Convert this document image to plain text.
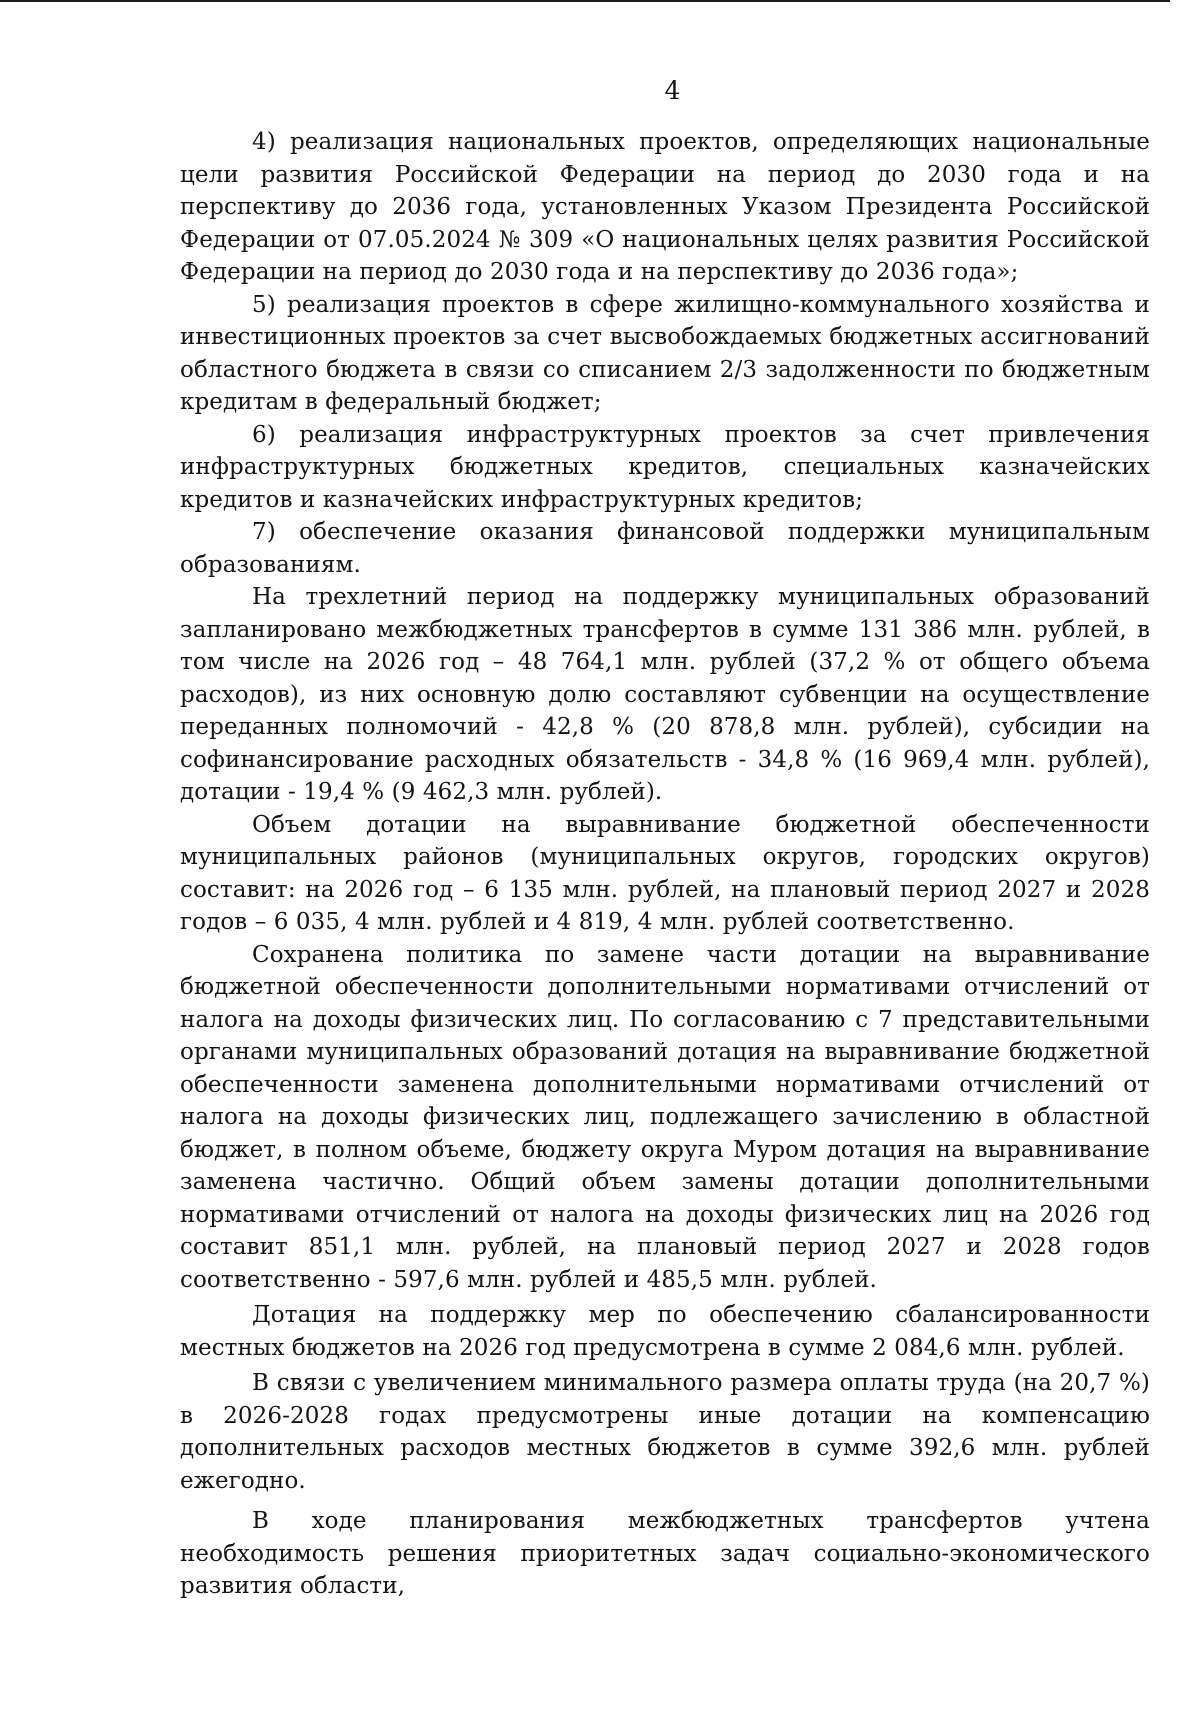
4

4) реализация национальных проектов, определяющих национальные цели развития Российской Федерации на период до 2030 года и на перспективу до 2036 года, установленных Указом Президента Российской Федерации от 07.05.2024 № 309 «О национальных целях развития Российской Федерации на период до 2030 года и на перспективу до 2036 года»;

5) реализация проектов в сфере жилищно-коммунального хозяйства и инвестиционных проектов за счет высвобождаемых бюджетных ассигнований областного бюджета в связи со списанием 2/3 задолженности по бюджетным кредитам в федеральный бюджет;

6) реализация инфраструктурных проектов за счет привлечения инфраструктурных бюджетных кредитов, специальных казначейских кредитов и казначейских инфраструктурных кредитов;

7) обеспечение оказания финансовой поддержки муниципальным образованиям.

На трехлетний период на поддержку муниципальных образований запланировано межбюджетных трансфертов в сумме 131 386 млн. рублей, в том числе на 2026 год – 48 764,1 млн. рублей (37,2 % от общего объема расходов), из них основную долю составляют субвенции на осуществление переданных полномочий - 42,8 % (20 878,8 млн. рублей), субсидии на софинансирование расходных обязательств - 34,8 % (16 969,4 млн. рублей), дотации - 19,4 % (9 462,3 млн. рублей).

Объем дотации на выравнивание бюджетной обеспеченности муниципальных районов (муниципальных округов, городских округов) составит: на 2026 год – 6 135 млн. рублей, на плановый период 2027 и 2028 годов – 6 035, 4 млн. рублей и 4 819, 4 млн. рублей соответственно.

Сохранена политика по замене части дотации на выравнивание бюджетной обеспеченности дополнительными нормативами отчислений от налога на доходы физических лиц. По согласованию с 7 представительными органами муниципальных образований дотация на выравнивание бюджетной обеспеченности заменена дополнительными нормативами отчислений от налога на доходы физических лиц, подлежащего зачислению в областной бюджет, в полном объеме, бюджету округа Муром дотация на выравнивание заменена частично. Общий объем замены дотации дополнительными нормативами отчислений от налога на доходы физических лиц на 2026 год составит 851,1 млн. рублей, на плановый период 2027 и 2028 годов соответственно - 597,6 млн. рублей и 485,5 млн. рублей.

Дотация на поддержку мер по обеспечению сбалансированности местных бюджетов на 2026 год предусмотрена в сумме 2 084,6 млн. рублей.

В связи с увеличением минимального размера оплаты труда (на 20,7 %) в 2026-2028 годах предусмотрены иные дотации на компенсацию дополнительных расходов местных бюджетов в сумме 392,6 млн. рублей ежегодно.

В ходе планирования межбюджетных трансфертов учтена необходимость решения приоритетных задач социально-экономического развития области,
